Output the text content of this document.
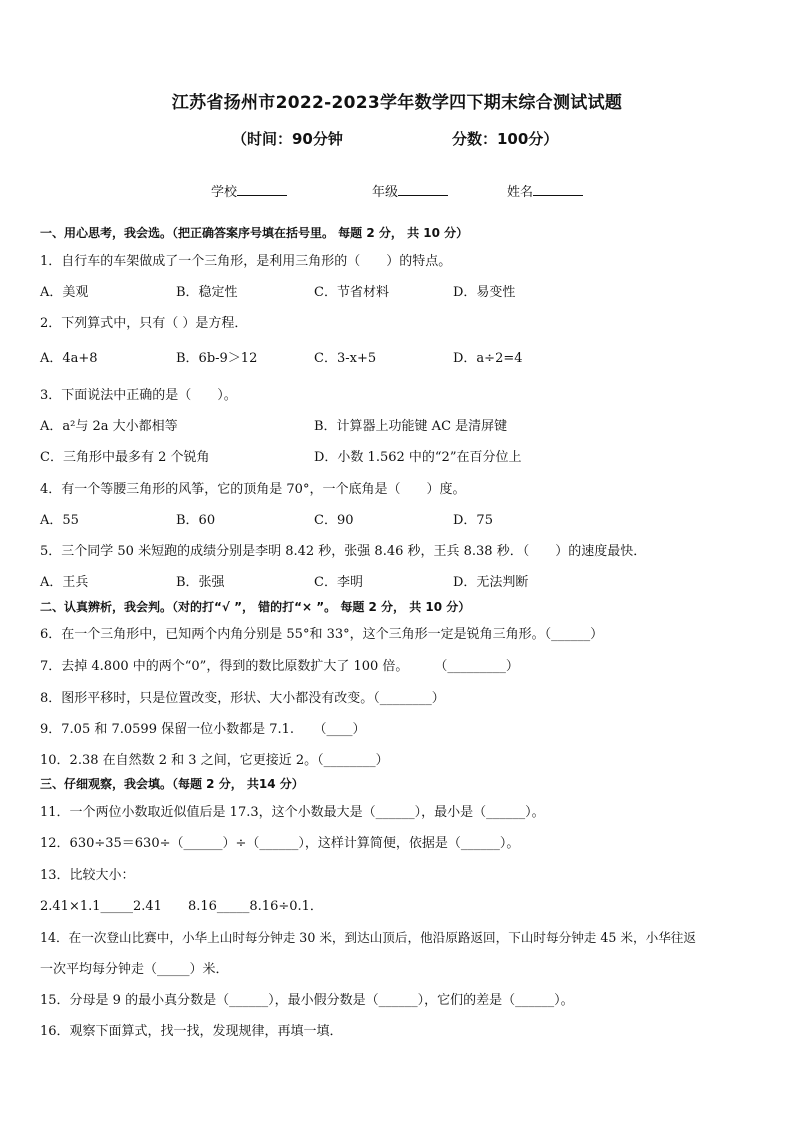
江苏省扬州市2022-2023学年数学四下期末综合测试试题
（时间：90分钟	分数：100分）
学校	年级	姓名
一、用心思考，我会选。（把正确答案序号填在括号里。 每题 2 分， 共 10 分）
1．自行车的车架做成了一个三角形，是利用三角形的（　　）的特点。
A．美观	B．稳定性	C．节省材料	D．易变性
2．下列算式中，只有（ ）是方程．
A．4a+8	B．6b-9＞12	C．3-x+5	D．a÷2=4
3．下面说法中正确的是（　　）。
A．a²与 2a 大小都相等	B．计算器上功能键 AC 是清屏键
C．三角形中最多有 2 个锐角	D．小数 1.562 中的“2”在百分位上
4．有一个等腰三角形的风筝，它的顶角是 70°，一个底角是（　　）度。
A．55	B．60	C．90	D．75
5．三个同学 50 米短跑的成绩分别是李明 8.42 秒，张强 8.46 秒，王兵 8.38 秒．（　　）的速度最快．
A．王兵	B．张强	C．李明	D．无法判断
二、认真辨析，我会判。（对的打“√ ”， 错的打“× ”。 每题 2 分， 共 10 分）
6．在一个三角形中，已知两个内角分别是 55°和 33°，这个三角形一定是锐角三角形。（______）
7．去掉 4.800 中的两个“0”，得到的数比原数扩大了 100 倍。　　　（_________）
8．图形平移时，只是位置改变，形状、大小都没有改变。（________）
9．7.05 和 7.0599 保留一位小数都是 7.1.　　（____）
10．2.38 在自然数 2 和 3 之间，它更接近 2。（________）
三、仔细观察，我会填。（每题 2 分， 共14 分）
11．一个两位小数取近似值后是 17.3，这个小数最大是（______），最小是（______）。
12．630÷35＝630÷（______）÷（______），这样计算简便，依据是（______）。
13．比较大小：
2.41×1.1_____2.41　　8.16_____8.16÷0.1．
14．在一次登山比赛中，小华上山时每分钟走 30 米，到达山顶后，他沿原路返回，下山时每分钟走 45 米，小华往返
一次平均每分钟走（_____）米．
15．分母是 9 的最小真分数是（______），最小假分数是（______），它们的差是（______）。
16．观察下面算式，找一找，发现规律，再填一填．
